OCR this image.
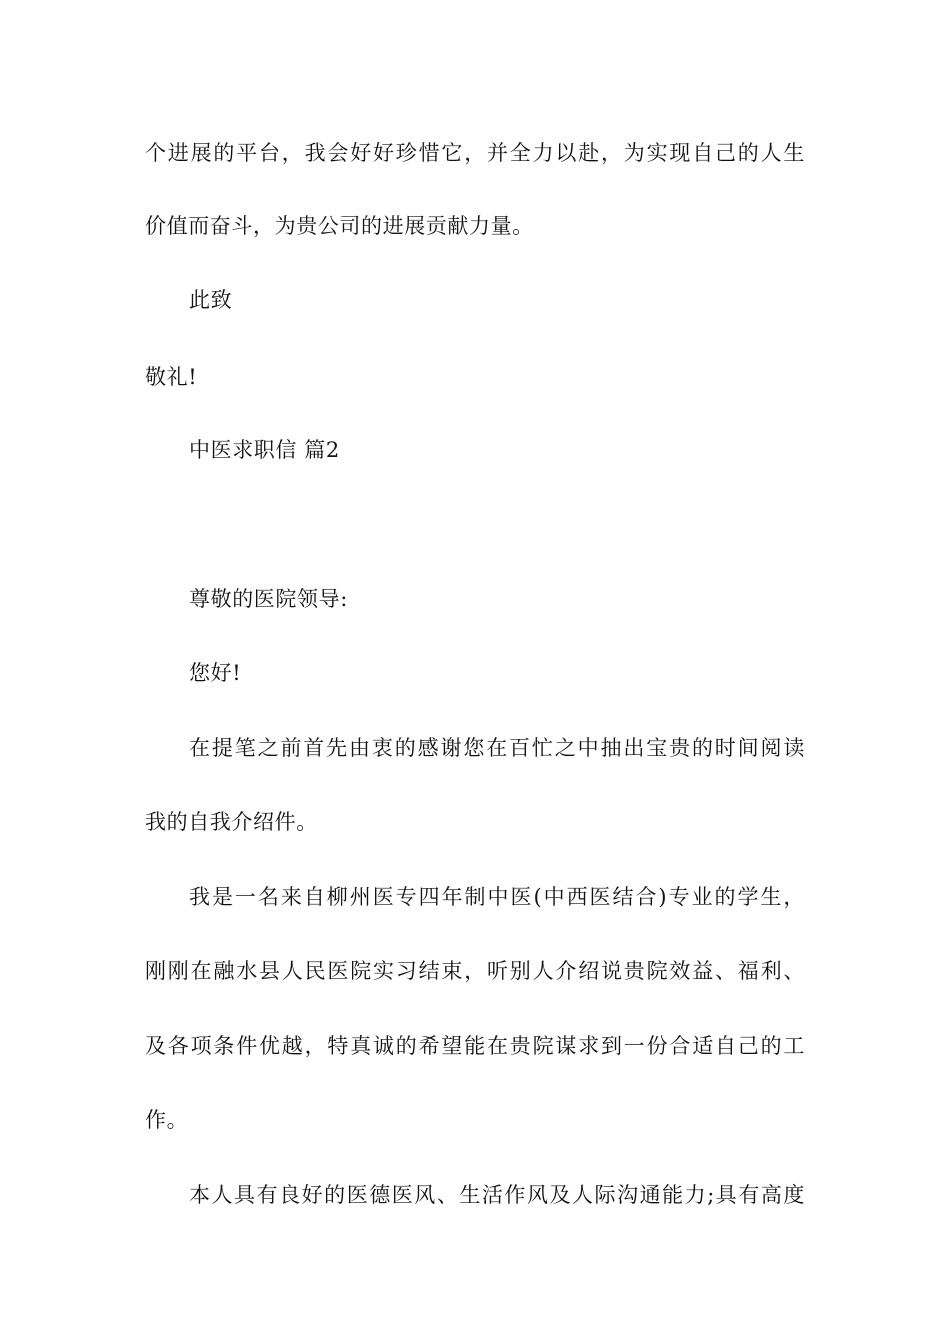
个进展的平台，我会好好珍惜它，并全力以赴，为实现自己的人生
价值而奋斗，为贵公司的进展贡献力量。
此致
敬礼!
中医求职信 篇2
尊敬的医院领导:
您好!
在提笔之前首先由衷的感谢您在百忙之中抽出宝贵的时间阅读
我的自我介绍件。
我是一名来自柳州医专四年制中医(中西医结合)专业的学生，
刚刚在融水县人民医院实习结束，听别人介绍说贵院效益、福利、
及各项条件优越，特真诚的希望能在贵院谋求到一份合适自己的工
作。
本人具有良好的医德医风、生活作风及人际沟通能力;具有高度
